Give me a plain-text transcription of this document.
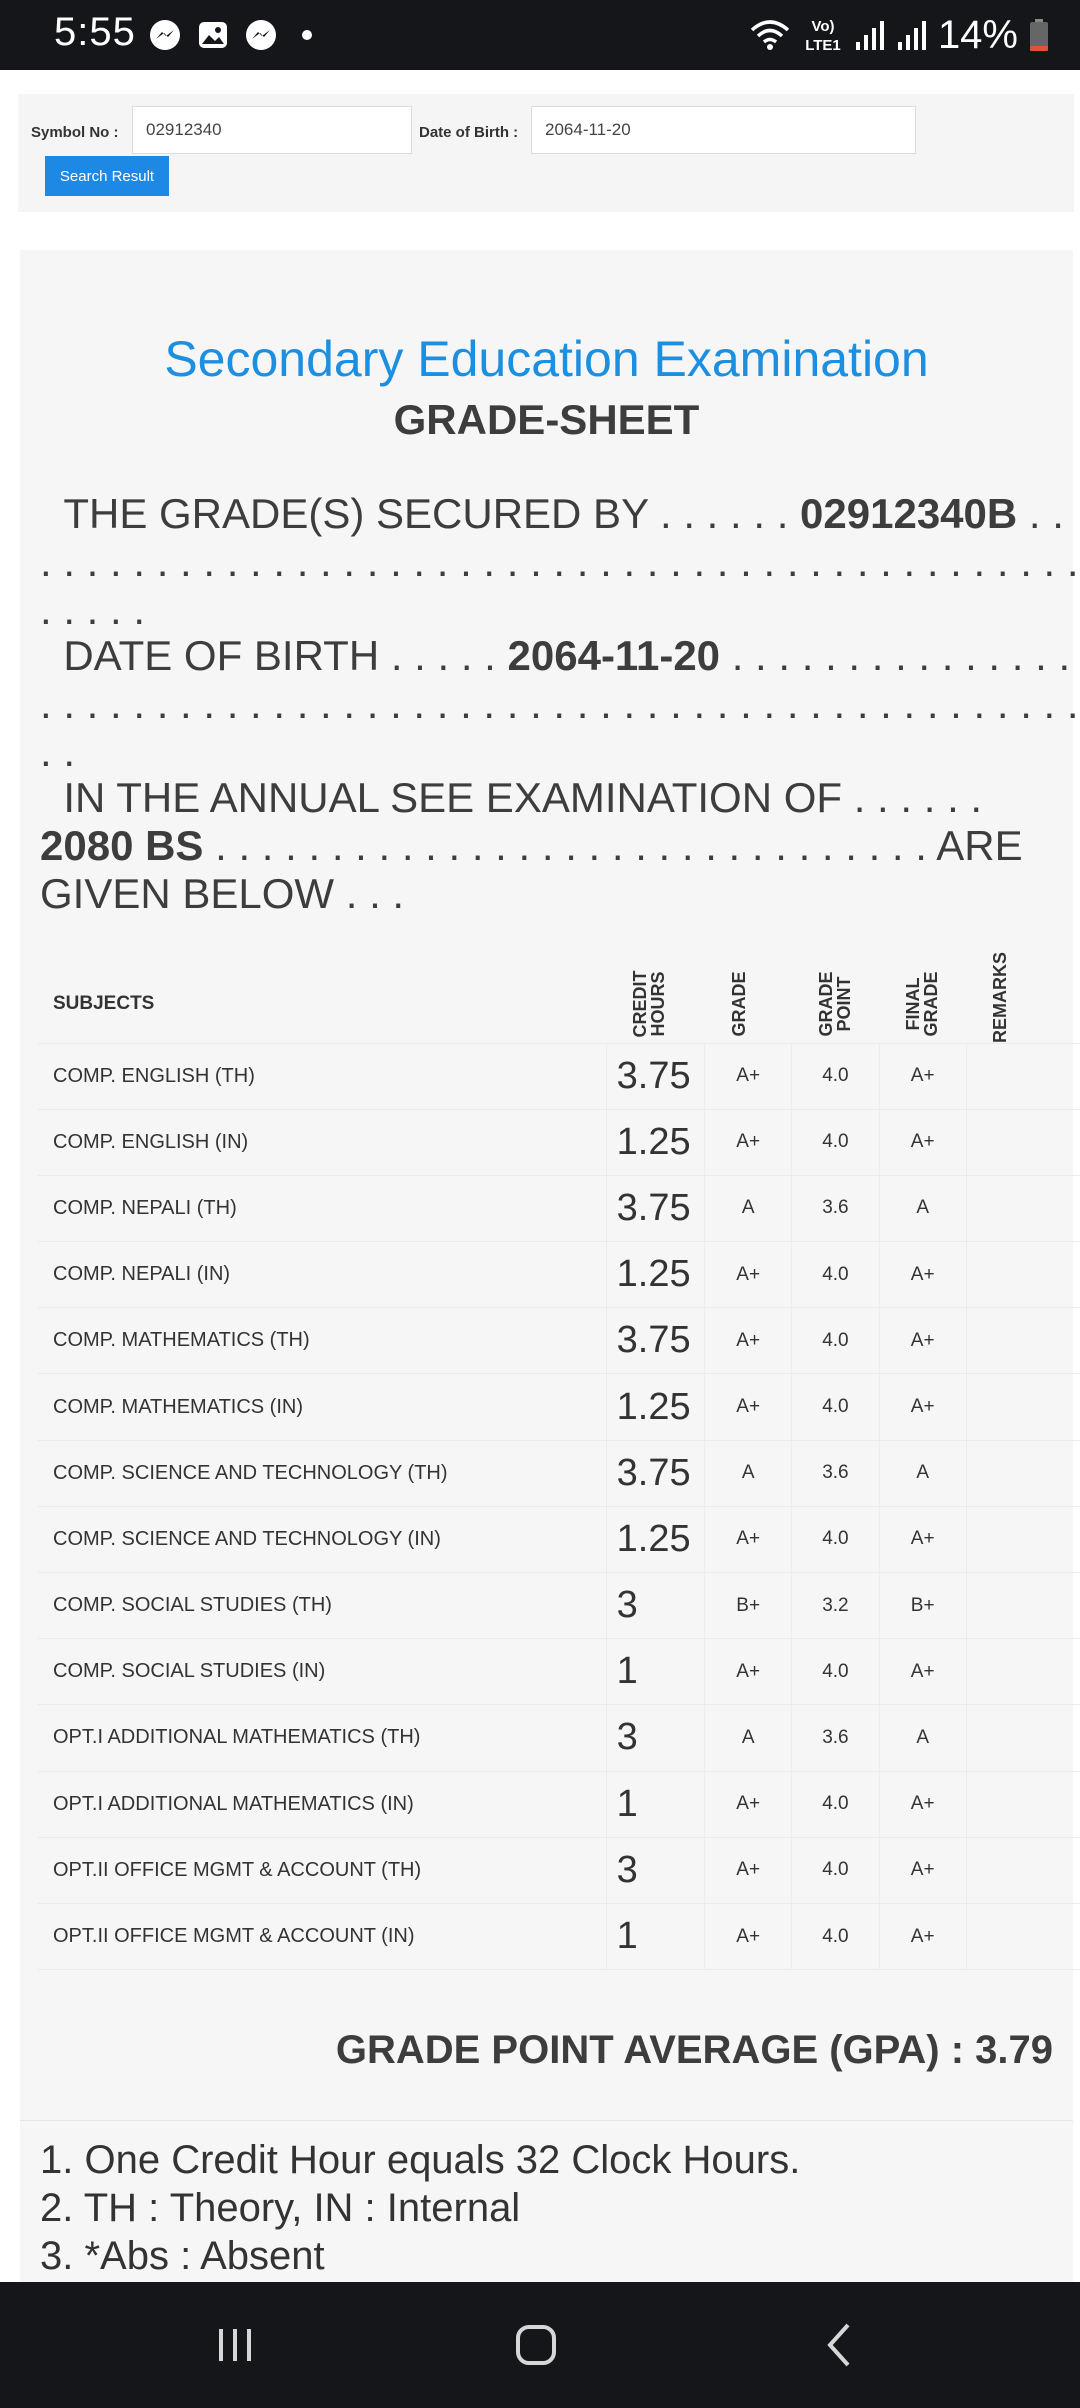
5:55	Vo)
LTE1 14%
Symbol No :
02912340	Date of Birth :
2064-11-20
Search Result
Secondary Education Examination
GRADE-SHEET
THE GRADE(S) SECURED BY . . . . . . 02912340B . . . . . . . . . . . . . . . . . . . . . . . . . . . . . . . . . . . . . . . . . . . . . . . . . . . .
DATE OF BIRTH . . . . . 2064-11-20 . . . . . . . . . . . . . . . . . . . . . . . . . . . . . . . . . . . . . . . . . . . . . . . . . . . . . . . . . . . . . .
IN THE ANNUAL SEE EXAMINATION OF . . . . . . 2080 BS . . . . . . . . . . . . . . . . . . . . . . . . . . . . . . . ARE GIVEN BELOW . . .
SUBJECTS	CREDIT HOURS	GRADE	GRADE POINT	FINAL GRADE	REMARKS

COMP. ENGLISH (TH)	3.75	A+	4.0	A+	
COMP. ENGLISH (IN)	1.25	A+	4.0	A+	
COMP. NEPALI (TH)	3.75	A	3.6	A	
COMP. NEPALI (IN)	1.25	A+	4.0	A+	
COMP. MATHEMATICS (TH)	3.75	A+	4.0	A+	
COMP. MATHEMATICS (IN)	1.25	A+	4.0	A+	
COMP. SCIENCE AND TECHNOLOGY (TH)	3.75	A	3.6	A	
COMP. SCIENCE AND TECHNOLOGY (IN)	1.25	A+	4.0	A+	
COMP. SOCIAL STUDIES (TH)	3	B+	3.2	B+	
COMP. SOCIAL STUDIES (IN)	1	A+	4.0	A+	
OPT.I ADDITIONAL MATHEMATICS (TH)	3	A	3.6	A	
OPT.I ADDITIONAL MATHEMATICS (IN)	1	A+	4.0	A+	
OPT.II OFFICE MGMT & ACCOUNT (TH)	3	A+	4.0	A+	
OPT.II OFFICE MGMT & ACCOUNT (IN)	1	A+	4.0	A+	
GRADE POINT AVERAGE (GPA) : 3.79
1. One Credit Hour equals 32 Clock Hours.
2. TH : Theory, IN : Internal
3. *Abs : Absent
